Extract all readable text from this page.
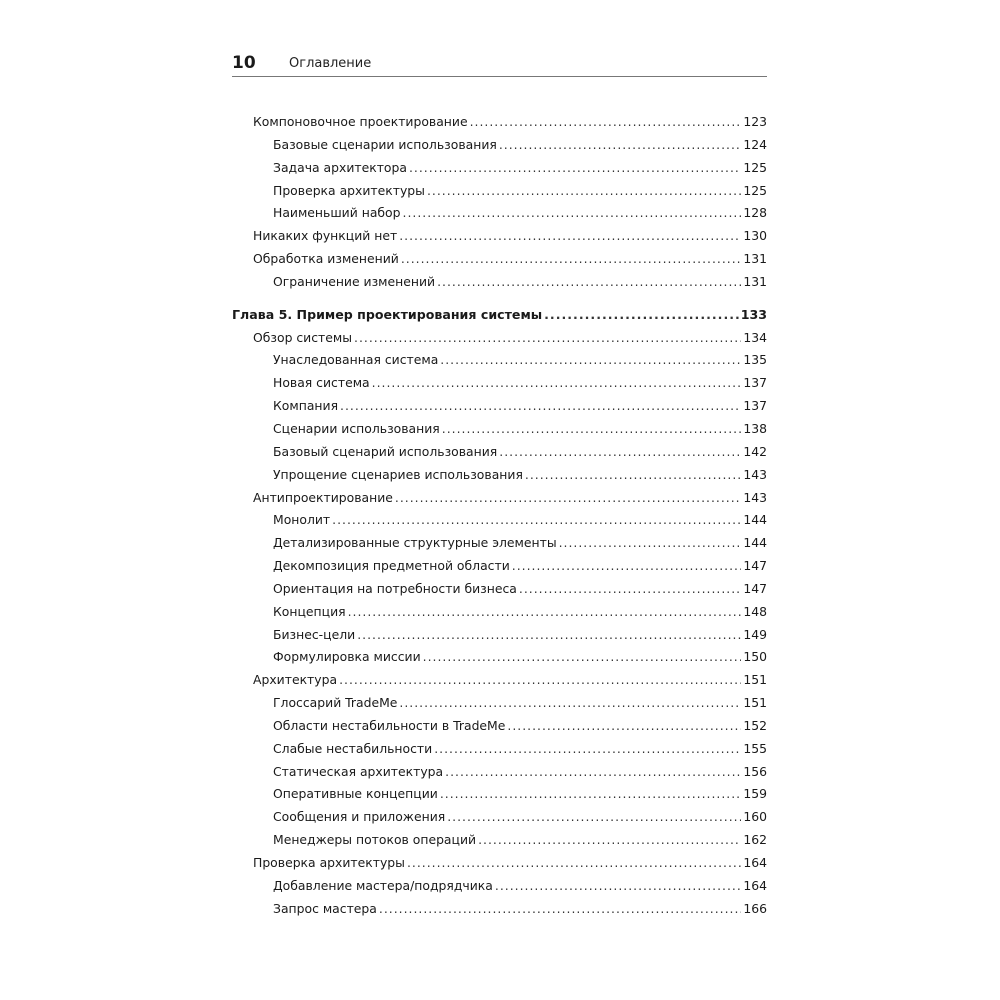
10	Оглавление
Компоновочное проектирование .....	123
Базовые сценарии использования .....	124
Задача архитектора .....	125
Проверка архитектуры .....	125
Наименьший набор .....	128
Никаких функций нет .....	130
Обработка изменений .....	131
Ограничение изменений .....	131
Глава 5. Пример проектирования системы .....	133
Обзор системы .....	134
Унаследованная система .....	135
Новая система .....	137
Компания .....	137
Сценарии использования .....	138
Базовый сценарий использования .....	142
Упрощение сценариев использования .....	143
Антипроектирование .....	143
Монолит .....	144
Детализированные структурные элементы .....	144
Декомпозиция предметной области .....	147
Ориентация на потребности бизнеса .....	147
Концепция .....	148
Бизнес-цели .....	149
Формулировка миссии .....	150
Архитектура .....	151
Глоссарий TradeMe .....	151
Области нестабильности в TradeMe .....	152
Слабые нестабильности .....	155
Статическая архитектура .....	156
Оперативные концепции .....	159
Сообщения и приложения .....	160
Менеджеры потоков операций .....	162
Проверка архитектуры .....	164
Добавление мастера/подрядчика .....	164
Запрос мастера .....	166
